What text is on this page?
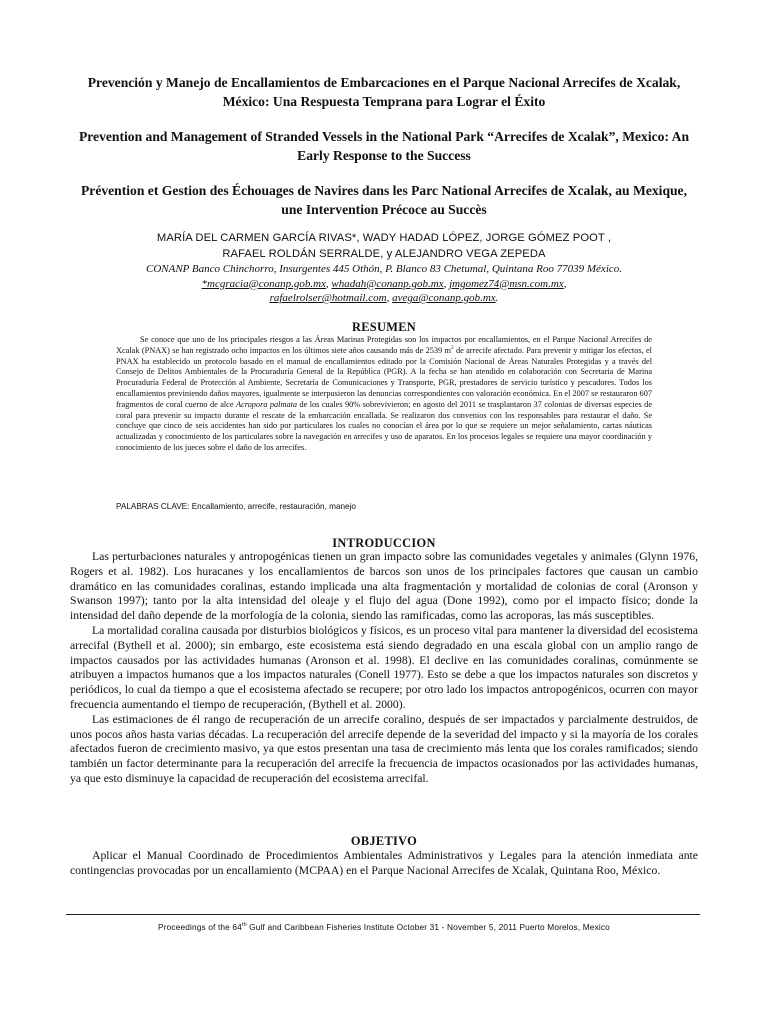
Prevención y Manejo de Encallamientos de Embarcaciones en el Parque Nacional Arrecifes de Xcalak, México: Una Respuesta Temprana para Lograr el Éxito
Prevention and Management of Stranded Vessels in the National Park “Arrecifes de Xcalak”, Mexico: An Early Response to the Success
Prévention et Gestion des Échouages de Navires dans les Parc National Arrecifes de Xcalak, au Mexique, une Intervention Précoce au Succès

MARÍA DEL CARMEN GARCÍA RIVAS*, WADY HADAD LÓPEZ, JORGE GÓMEZ POOT ,
RAFAEL ROLDÁN SERRALDE, y ALEJANDRO VEGA ZEPEDA

CONANP Banco Chinchorro, Insurgentes 445 Othón, P. Blanco 83 Chetumal, Quintana Roo 77039 México.
*mcgracia@conanp.gob.mx, whadah@conanp.gob.mx, jmgomez74@msn.com.mx,
rafaelrolser@hotmail.com, avega@conanp.gob.mx.

RESUMEN

Se conoce que uno de los principales riesgos a las Áreas Marinas Protegidas son los impactos por encallamientos, en el Parque Nacional Arrecifes de Xcalak (PNAX) se han registrado ocho impactos en los últimos siete años causando más de 2539 $m^2$ de arrecife afectado. Para prevenir y mitigar los efectos, el PNAX ha establecido un protocolo basado en el manual de encallamientos editado por la Comisión Nacional de Áreas Naturales Protegidas y a través del Consejo de Delitos Ambientales de la Procuraduría General de la República (PGR). A la fecha se han atendido en colaboración con Secretaria de Marina Procuraduría Federal de Protección al Ambiente, Secretaría de Comunicaciones y Transporte, PGR, prestadores de servicio turístico y pescadores. Todos los encallamientos previniendo daños mayores, igualmente se interpusieron las denuncias correspondientes con valoración económica. En el 2007 se restauraron 607 fragmentos de coral cuerno de alce Acropora palmata de los cuales 90% sobrevivieron; en agosto del 2011 se trasplantaron 37 colonias de diversas especies de coral para prevenir su impacto durante el rescate de la embarcación encallada. Se realizaron dos convenios con los responsables para restaurar el daño. Se concluye que cinco de seis accidentes han sido por particulares los cuales no conocían el área por lo que se requiere un mejor señalamiento, cartas náuticas actualizadas y conocimiento de los particulares sobre la navegación en arrecifes y uso de aparatos. En los procesos legales se requiere una mayor coordinación y conocimiento de los jueces sobre el daño de los arrecifes.

PALABRAS CLAVE: Encallamiento, arrecife, restauración, manejo

INTRODUCCION

Las perturbaciones naturales y antropogénicas tienen un gran impacto sobre las comunidades vegetales y animales (Glynn 1976, Rogers et al. 1982). Los huracanes y los encallamientos de barcos son unos de los principales factores que causan un cambio dramático en las comunidades coralinas, estando implicada una alta fragmentación y mortalidad de colonias de coral (Aronson y Swanson 1997); tanto por la alta intensidad del oleaje y el flujo del agua (Done 1992), como por el impacto físico; donde la intensidad del daño depende de la morfología de la colonia, siendo las ramificadas, como las acroporas, las más susceptibles.

La mortalidad coralina causada por disturbios biológicos y físicos, es un proceso vital para mantener la diversidad del ecosistema arrecifal (Bythell et al. 2000); sin embargo, este ecosistema está siendo degradado en una escala global con un amplio rango de impactos causados por las actividades humanas (Aronson et al. 1998). El declive en las comunidades coralinas, comúnmente se atribuyen a impactos humanos que a los impactos naturales (Conell 1977). Esto se debe a que los impactos naturales son discretos y periódicos, lo cual da tiempo a que el ecosistema afectado se recupere; por otro lado los impactos antropogénicos, ocurren con mayor frecuencia aumentando el tiempo de recuperación, (Bythell et al. 2000).

Las estimaciones de él rango de recuperación de un arrecife coralino, después de ser impactados y parcialmente destruidos, de unos pocos años hasta varias décadas. La recuperación del arrecife depende de la severidad del impacto y si la mayoría de los corales afectados fueron de crecimiento masivo, ya que estos presentan una tasa de crecimiento más lenta que los corales ramificados; siendo también un factor determinante para la recuperación del arrecife la frecuencia de impactos ocasionados por las actividades humanas, ya que esto disminuye la capacidad de recuperación del ecosistema arrecifal.

OBJETIVO

Aplicar el Manual Coordinado de Procedimientos Ambientales Administrativos y Legales para la atención inmediata ante contingencias provocadas por un encallamiento (MCPAA) en el Parque Nacional Arrecifes de Xcalak, Quintana Roo, México.

Proceedings of the 64th Gulf and Caribbean Fisheries Institute October 31 - November 5, 2011 Puerto Morelos, Mexico
